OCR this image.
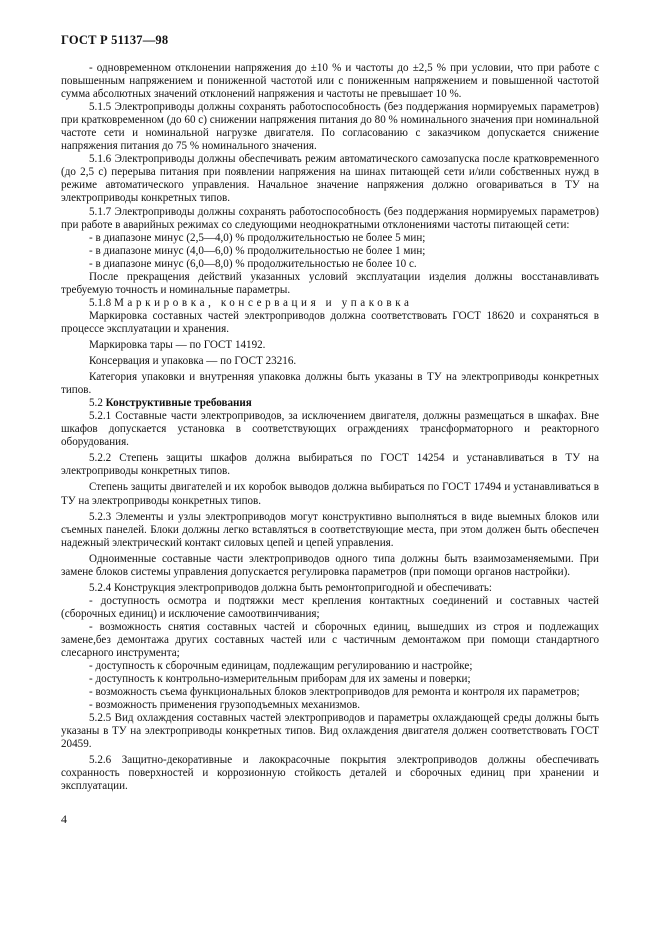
ГОСТ Р 51137—98

- одновременном отклонении напряжения до ±10 % и частоты до ±2,5 % при условии, что при работе с повышенным напряжением и пониженной частотой или с пониженным напряжением и повышенной частотой сумма абсолютных значений отклонений напряжения и частоты не превышает 10 %.

5.1.5 Электроприводы должны сохранять работоспособность (без поддержания нормируемых параметров) при кратковременном (до 60 с) снижении напряжения питания до 80 % номинального значения при номинальной частоте сети и номинальной нагрузке двигателя. По согласованию с заказчиком допускается снижение напряжения питания до 75 % номинального значения.

5.1.6 Электроприводы должны обеспечивать режим автоматического самозапуска после кратковременного (до 2,5 с) перерыва питания при появлении напряжения на шинах питающей сети и/или собственных нужд в режиме автоматического управления. Начальное значение напряжения должно оговариваться в ТУ на электроприводы конкретных типов.

5.1.7 Электроприводы должны сохранять работоспособность (без поддержания нормируемых параметров) при работе в аварийных режимах со следующими неоднократными отклонениями частоты питающей сети:

- в диапазоне минус (2,5—4,0) % продолжительностью не более 5 мин;

- в диапазоне минус (4,0—6,0) % продолжительностью не более 1 мин;

- в диапазоне минус (6,0—8,0) % продолжительностью не более 10 с.

После прекращения действий указанных условий эксплуатации изделия должны восстанавливать требуемую точность и номинальные параметры.

5.1.8 Маркировка, консервация и упаковка

Маркировка составных частей электроприводов должна соответствовать ГОСТ 18620 и сохраняться в процессе эксплуатации и хранения.

Маркировка тары — по ГОСТ 14192.

Консервация и упаковка — по ГОСТ 23216.

Категория упаковки и внутренняя упаковка должны быть указаны в ТУ на электроприводы конкретных типов.

5.2 Конструктивные требования

5.2.1 Составные части электроприводов, за исключением двигателя, должны размещаться в шкафах. Вне шкафов допускается установка в соответствующих ограждениях трансформаторного и реакторного оборудования.

5.2.2 Степень защиты шкафов должна выбираться по ГОСТ 14254 и устанавливаться в ТУ на электроприводы конкретных типов.

Степень защиты двигателей и их коробок выводов должна выбираться по ГОСТ 17494 и устанавливаться в ТУ на электроприводы конкретных типов.

5.2.3 Элементы и узлы электроприводов могут конструктивно выполняться в виде выемных блоков или съемных панелей. Блоки должны легко вставляться в соответствующие места, при этом должен быть обеспечен надежный электрический контакт силовых цепей и цепей управления.

Одноименные составные части электроприводов одного типа должны быть взаимозаменяемыми. При замене блоков системы управления допускается регулировка параметров (при помощи органов настройки).

5.2.4 Конструкция электроприводов должна быть ремонтопригодной и обеспечивать:

- доступность осмотра и подтяжки мест крепления контактных соединений и составных частей (сборочных единиц) и исключение самоотвинчивания;

- возможность снятия составных частей и сборочных единиц, вышедших из строя и подлежащих замене,без демонтажа других составных частей или с частичным демонтажом при помощи стандартного слесарного инструмента;

- доступность к сборочным единицам, подлежащим регулированию и настройке;

- доступность к контрольно-измерительным приборам для их замены и поверки;

- возможность съема функциональных блоков электроприводов для ремонта и контроля их параметров;

- возможность применения грузоподъемных механизмов.

5.2.5 Вид охлаждения составных частей электроприводов и параметры охлаждающей среды должны быть указаны в ТУ на электроприводы конкретных типов. Вид охлаждения двигателя должен соответствовать ГОСТ 20459.

5.2.6 Защитно-декоративные и лакокрасочные покрытия электроприводов должны обеспечивать сохранность поверхностей и коррозионную стойкость деталей и сборочных единиц при хранении и эксплуатации.

4
